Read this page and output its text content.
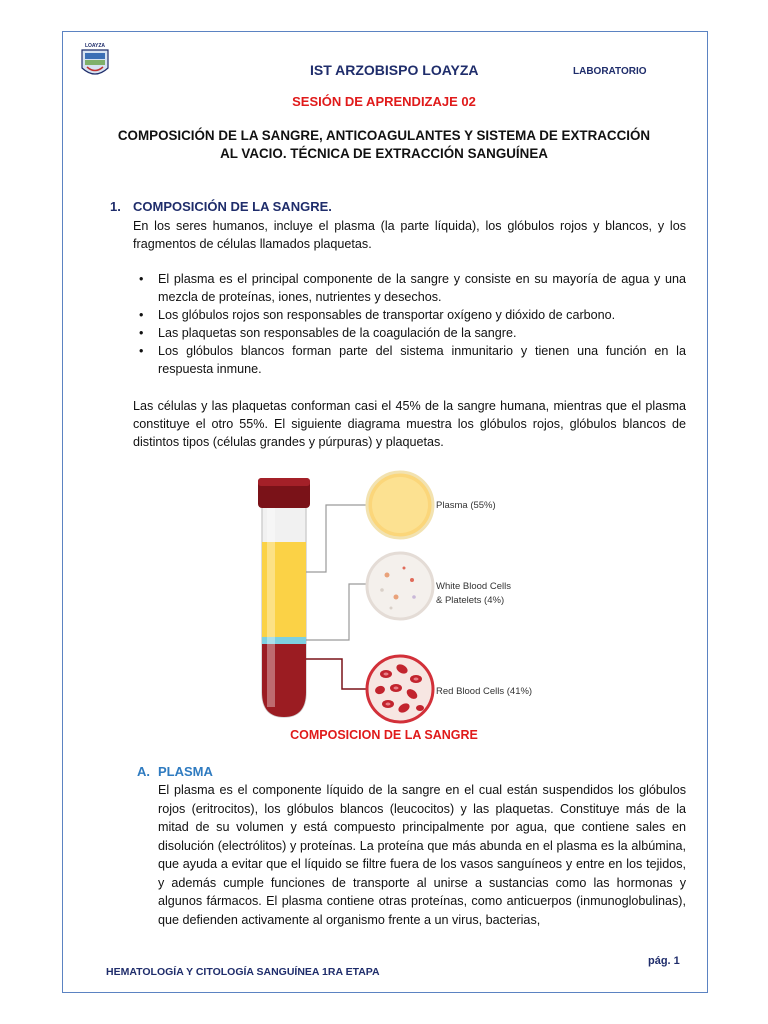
LOAYZA
IST ARZOBISPO LOAYZA	LABORATORIO
SESIÓN DE APRENDIZAJE 02
COMPOSICIÓN DE LA SANGRE, ANTICOAGULANTES Y SISTEMA DE EXTRACCIÓN AL VACIO. TÉCNICA DE EXTRACCIÓN SANGUÍNEA
1. COMPOSICIÓN DE LA SANGRE.
En los seres humanos, incluye el plasma (la parte líquida), los glóbulos rojos y blancos, y los fragmentos de células llamados plaquetas.
• El plasma es el principal componente de la sangre y consiste en su mayoría de agua y una mezcla de proteínas, iones, nutrientes y desechos.
• Los glóbulos rojos son responsables de transportar oxígeno y dióxido de carbono.
• Las plaquetas son responsables de la coagulación de la sangre.
• Los glóbulos blancos forman parte del sistema inmunitario y tienen una función en la respuesta inmune.
Las células y las plaquetas conforman casi el 45% de la sangre humana, mientras que el plasma constituye el otro 55%. El siguiente diagrama muestra los glóbulos rojos, glóbulos blancos de distintos tipos (células grandes y púrpuras) y plaquetas.
Plasma (55%)
White Blood Cells
& Platelets (4%)
Red Blood Cells (41%)
COMPOSICION DE LA SANGRE
A. PLASMA
El plasma es el componente líquido de la sangre en el cual están suspendidos los glóbulos rojos (eritrocitos), los glóbulos blancos (leucocitos) y las plaquetas. Constituye más de la mitad de su volumen y está compuesto principalmente por agua, que contiene sales en disolución (electrólitos) y proteínas. La proteína que más abunda en el plasma es la albúmina, que ayuda a evitar que el líquido se filtre fuera de los vasos sanguíneos y entre en los tejidos, y además cumple funciones de transporte al unirse a sustancias como las hormonas y algunos fármacos. El plasma contiene otras proteínas, como anticuerpos (inmunoglobulinas), que defienden activamente al organismo frente a un virus, bacterias,
pág. 1
HEMATOLOGÍA Y CITOLOGÍA SANGUÍNEA 1RA ETAPA
